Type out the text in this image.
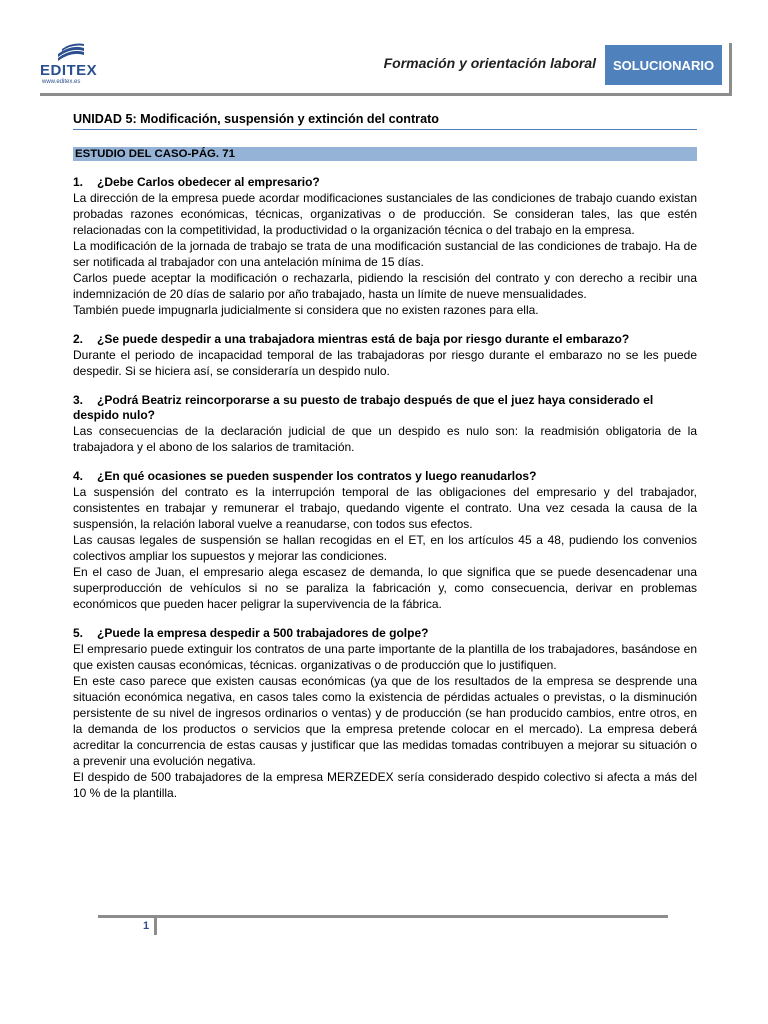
EDITEX
www.editex.es
Formación y orientación laboral	SOLUCIONARIO
UNIDAD 5: Modificación, suspensión y extinción del contrato
ESTUDIO DEL CASO-PÁG. 71
1. ¿Debe Carlos obedecer al empresario?

La dirección de la empresa puede acordar modificaciones sustanciales de las condiciones de trabajo cuando existan probadas razones económicas, técnicas, organizativas o de producción. Se consideran tales, las que estén relacionadas con la competitividad, la productividad o la organización técnica o del trabajo en la empresa.

La modificación de la jornada de trabajo se trata de una modificación sustancial de las condiciones de trabajo. Ha de ser notificada al trabajador con una antelación mínima de 15 días.

Carlos puede aceptar la modificación o rechazarla, pidiendo la rescisión del contrato y con derecho a recibir una indemnización de 20 días de salario por año trabajado, hasta un límite de nueve mensualidades.

También puede impugnarla judicialmente si considera que no existen razones para ella.

2. ¿Se puede despedir a una trabajadora mientras está de baja por riesgo durante el embarazo?

Durante el periodo de incapacidad temporal de las trabajadoras por riesgo durante el embarazo no se les puede despedir. Si se hiciera así, se consideraría un despido nulo.

3. ¿Podrá Beatriz reincorporarse a su puesto de trabajo después de que el juez haya considerado el despido nulo?

Las consecuencias de la declaración judicial de que un despido es nulo son: la readmisión obligatoria de la trabajadora y el abono de los salarios de tramitación.

4. ¿En qué ocasiones se pueden suspender los contratos y luego reanudarlos?

La suspensión del contrato es la interrupción temporal de las obligaciones del empresario y del trabajador, consistentes en trabajar y remunerar el trabajo, quedando vigente el contrato. Una vez cesada la causa de la suspensión, la relación laboral vuelve a reanudarse, con todos sus efectos.

Las causas legales de suspensión se hallan recogidas en el ET, en los artículos 45 a 48, pudiendo los convenios colectivos ampliar los supuestos y mejorar las condiciones.

En el caso de Juan, el empresario alega escasez de demanda, lo que significa que se puede desencadenar una superproducción de vehículos si no se paraliza la fabricación y, como consecuencia, derivar en problemas económicos que pueden hacer peligrar la supervivencia de la fábrica.

5. ¿Puede la empresa despedir a 500 trabajadores de golpe?

El empresario puede extinguir los contratos de una parte importante de la plantilla de los trabajadores, basándose en que existen causas económicas, técnicas. organizativas o de producción que lo justifiquen.

En este caso parece que existen causas económicas (ya que de los resultados de la empresa se desprende una situación económica negativa, en casos tales como la existencia de pérdidas actuales o previstas, o la disminución persistente de su nivel de ingresos ordinarios o ventas) y de producción (se han producido cambios, entre otros, en la demanda de los productos o servicios que la empresa pretende colocar en el mercado). La empresa deberá acreditar la concurrencia de estas causas y justificar que las medidas tomadas contribuyen a mejorar su situación o a prevenir una evolución negativa.

El despido de 500 trabajadores de la empresa MERZEDEX sería considerado despido colectivo si afecta a más del 10 % de la plantilla.

1
